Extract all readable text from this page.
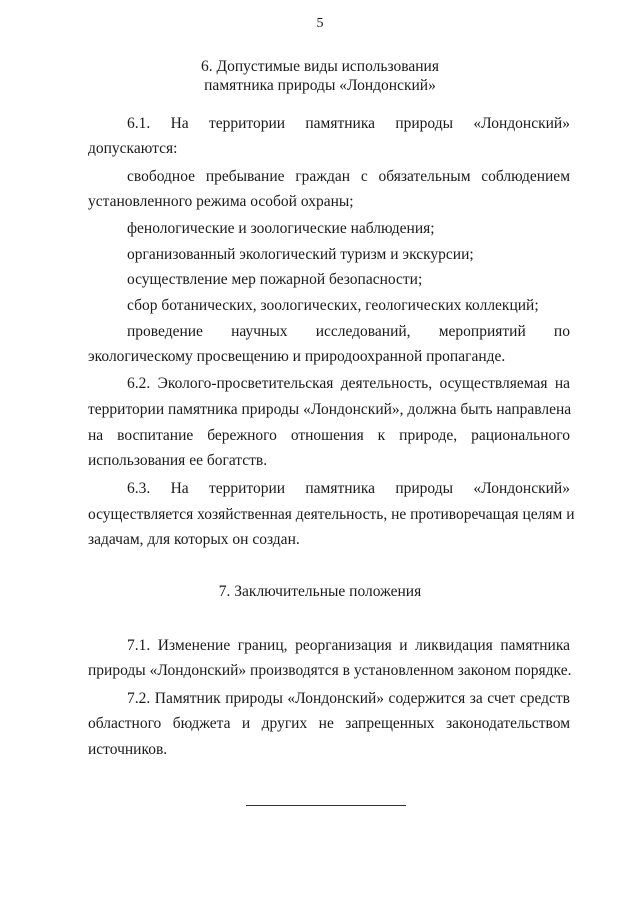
5
6. Допустимые виды использования
памятника природы «Лондонский»
6.1. На территории памятника природы «Лондонский»
допускаются:
свободное пребывание граждан с обязательным соблюдением
установленного режима особой охраны;
фенологические и зоологические наблюдения;
организованный экологический туризм и экскурсии;
осуществление мер пожарной безопасности;
сбор ботанических, зоологических, геологических коллекций;
проведение научных исследований, мероприятий по
экологическому просвещению и природоохранной пропаганде.
6.2. Эколого-просветительская деятельность, осуществляемая на
территории памятника природы «Лондонский», должна быть направлена
на воспитание бережного отношения к природе, рационального
использования ее богатств.
6.3. На территории памятника природы «Лондонский»
осуществляется хозяйственная деятельность, не противоречащая целям и
задачам, для которых он создан.
7. Заключительные положения
7.1. Изменение границ, реорганизация и ликвидация памятника
природы «Лондонский» производятся в установленном законом порядке.
7.2. Памятник природы «Лондонский» содержится за счет средств
областного бюджета и других не запрещенных законодательством
источников.
